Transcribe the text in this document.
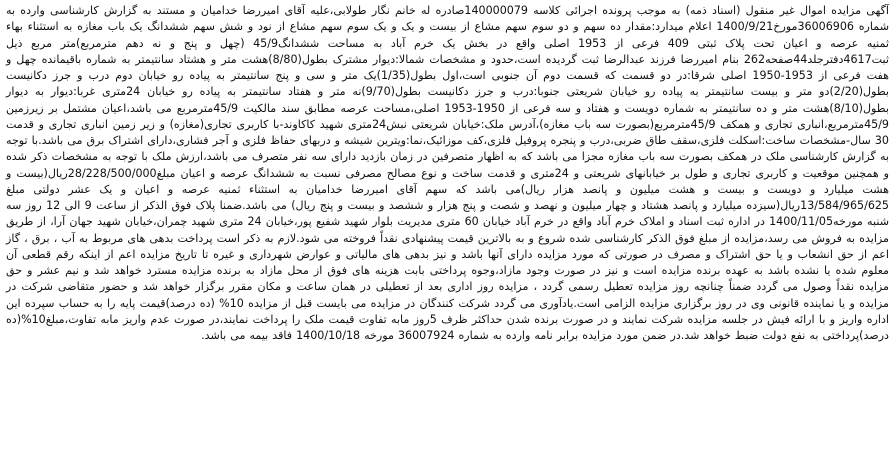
آگهی مزایده اموال غیر منقول (اسناد ذمه) به موجب پرونده اجرائی کلاسه 140000079صادره له خانم نگار طولابی،علیه آقای امیررضا خدامیان و مستند به گزارش کارشناسی وارده به شماره 36006906مورخ1400/9/21 اعلام میدارد:مقدار ده سهم و دو سوم سهم مشاع از بیست و یک و یک سوم سهم مشاع از نود و شش سهم ششدانگ یک باب مغازه به استثناء بهاء ثمنیه عرصه و اعیان تحت پلاک ثبتی 409 فرعی از 1953 اصلی واقع در بخش یک خرم آباد به مساحت ششدانگ45/9 (چهل و پنج و نه دهم مترمربع)متر مربع ذیل ثبت4617دفترجلد44صفحه262 بنام امیررضا فرزند عبدالرضا ثبت گردیده است،حدود و مشخصات شمالا:دیوار مشترک بطول(8/80)هشت متر و هشتاد سانتیمتر به شماره باقیمانده چهل و هفت فرعی از 1953-1950 اصلی شرقا:در دو قسمت که قسمت دوم آن جنوبی است،اول بطول(1/35)یک متر و سی و پنج سانتیمتر به پیاده رو خیابان دوم درب و جرز دکانیست بطول(2/20)دو متر و بیست سانتیمتر به پیاده رو خیابان شریعتی جنوبا:درب و جرز دکانیست بطول(9/70)نه متر و هفتاد سانتیمتر به پیاده رو خیابان 24متری غربا:دیوار به دیوار بطول(8/10)هشت متر و ده سانتیمتر به شماره دویست و هفتاد و سه فرعی از 1950-1953 اصلی،مساحت عرصه مطابق سند مالکیت 45/9مترمربع می باشد،اعیان مشتمل بر زیرزمین 45/9مترمربع،انباری تجاری و همکف 45/9مترمربع(بصورت سه باب مغازه)،آدرس ملک:خیابان شریعتی نبش24متری شهید کاکاوند-با کاربری تجاری(مغازه) و زیر زمین انباری تجاری و قدمت 30 سال-مشخصات ساخت:اسکلت فلزی،سقف طاق ضربی،درب و پنجره پروفیل فلزی،کف موزائیک،نما:ویترین شیشه و دربهای حفاظ فلزی و آجر فشاری،دارای اشتراک برق می باشد.با توجه به گزارش کارشناسی ملک در همکف بصورت سه باب مغازه مجزا می باشد که به اظهار متصرفین در زمان بازدید دارای سه نفر متصرف می باشد،ارزش ملک با توجه به مشخصات ذکر شده و همچنین موقعیت و کاربری تجاری و طول بر خیابانهای شریعتی و 24متری و قدمت ساخت و نوع مصالح مصرفی نسبت به ششدانگ عرصه و اعیان مبلغ28/228/500/000ریال(بیست و هشت میلیارد و دویست و بیست و هشت میلیون و پانصد هزار ریال)می باشد که سهم آقای امیررضا خدامیان به استثناء ثمنیه عرصه و اعیان و یک عشر دولتی مبلغ 13/584/965/625ریال(سیزده میلیارد و پانصد هشتاد و چهار میلیون و نهصد و شصت و پنج هزار و ششصد و بیست و پنج ریال) می باشد.ضمنا پلاک فوق الذکر از ساعت 9 الی 12 روز سه شنبه مورخه1400/11/05 در اداره ثبت اسناد و املاک خرم آباد واقع در خرم آباد خیابان 60 متری مدیریت بلوار شهید شفیع پور،خیابان 24 متری شهید چمران،خیابان شهید جهان آرا، از طریق مزایده به فروش می رسد،مزایده از مبلغ فوق الذکر کارشناسی شده شروع و به بالاترین قیمت پیشنهادی نقداً فروخته می شود.لازم به ذکر است پرداخت بدهی های مربوط به آب ، برق ، گاز اعم از حق انشعاب و یا حق اشتراک و مصرف در صورتی که مورد مزایده دارای آنها باشد و نیز بدهی های مالیاتی و عوارض شهرداری و غیره تا تاریخ مزایده اعم از اینکه رقم قطعی آن معلوم شده یا نشده باشد به عهده برنده مزایده است و نیز در صورت وجود مازاد،وجوه پرداختی بابت هزینه های فوق از محل مازاد به برنده مزایده مسترد خواهد شد و نیم عشر و حق مزایده نقداً وصول می گردد ضمناً چنانچه روز مزایده تعطیل رسمی گردد ، مزایده روز اداری بعد از تعطیلی در همان ساعت و مکان مقرر برگزار خواهد شد و حضور متقاضی شرکت در مزایده و یا نماینده قانونی وی در روز برگزاری مزایده الزامی است.یادآوری می گردد شرکت کنندگان در مزایده می بایست قبل از مزایده 10% (ده درصد)قیمت پایه را به حساب سپرده این اداره واریز و با ارائه فیش در جلسه مزایده شرکت نمایند و در صورت برنده شدن حداکثر ظرف 5روز مابه تفاوت قیمت ملک را پرداخت نمایند،در صورت عدم واریز مابه تفاوت،مبلغ10%(ده درصد)پرداختی به نفع دولت ضبط خواهد شد.در ضمن مورد مزایده برابر نامه وارده به شماره 36007924 مورخه 1400/10/18 فاقد بیمه می باشد.
